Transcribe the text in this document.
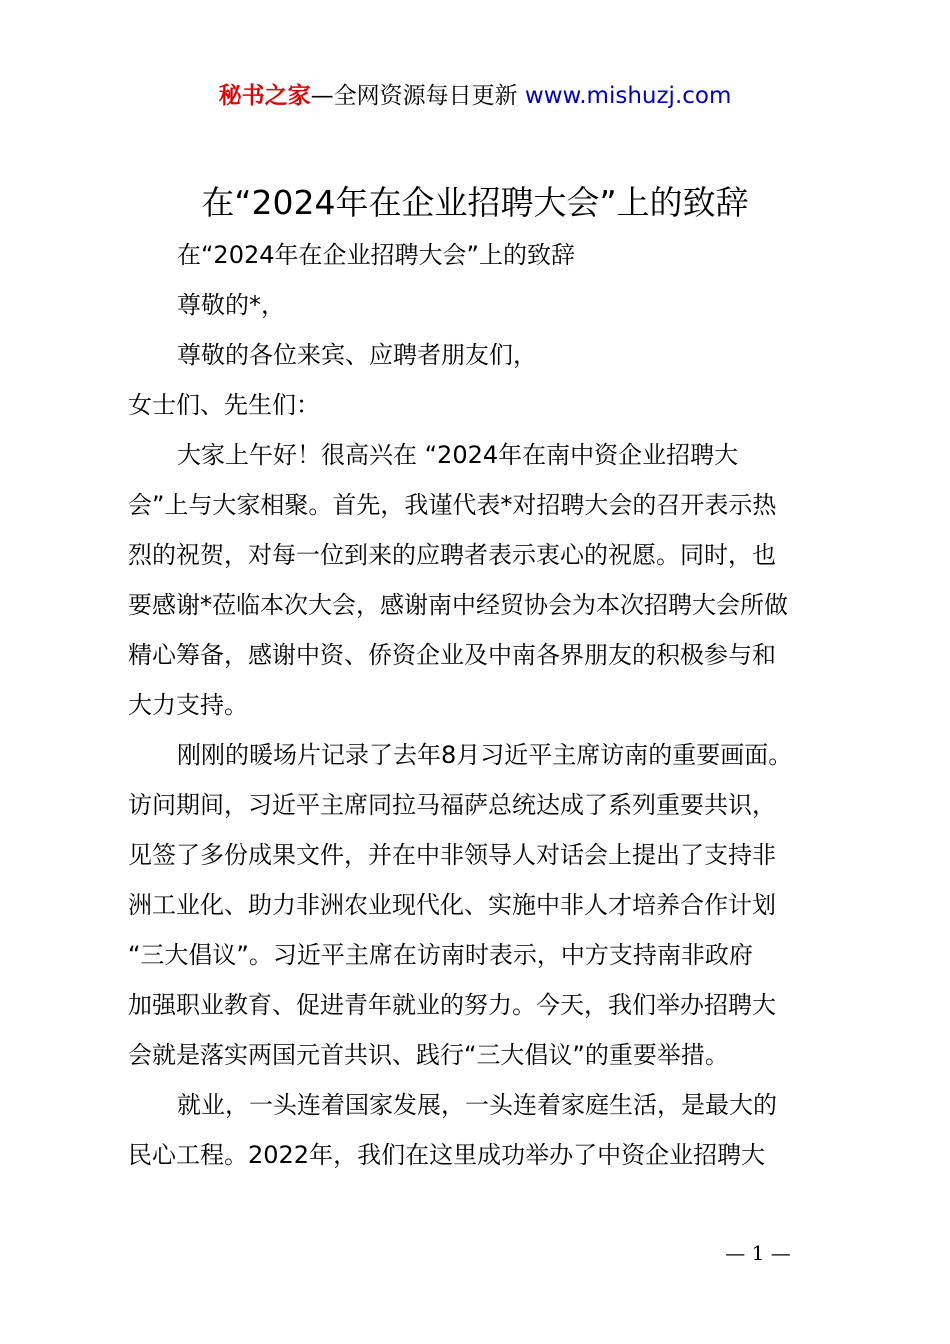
秘书之家—全网资源每日更新 www.mishuzj.com
在“2024年在企业招聘大会”上的致辞
在“2024年在企业招聘大会”上的致辞
尊敬的*，
尊敬的各位来宾、应聘者朋友们，
女士们、先生们：
大家上午好！很高兴在 “2024年在南中资企业招聘大
会”上与大家相聚。首先，我谨代表*对招聘大会的召开表示热
烈的祝贺，对每一位到来的应聘者表示衷心的祝愿。同时，也
要感谢*莅临本次大会，感谢南中经贸协会为本次招聘大会所做
精心筹备，感谢中资、侨资企业及中南各界朋友的积极参与和
大力支持。
刚刚的暖场片记录了去年8月习近平主席访南的重要画面。
访问期间，习近平主席同拉马福萨总统达成了系列重要共识，
见签了多份成果文件，并在中非领导人对话会上提出了支持非
洲工业化、助力非洲农业现代化、实施中非人才培养合作计划
“三大倡议”。习近平主席在访南时表示，中方支持南非政府
加强职业教育、促进青年就业的努力。今天，我们举办招聘大
会就是落实两国元首共识、践行“三大倡议”的重要举措。
就业，一头连着国家发展，一头连着家庭生活，是最大的
民心工程。2022年，我们在这里成功举办了中资企业招聘大
— 1 —
